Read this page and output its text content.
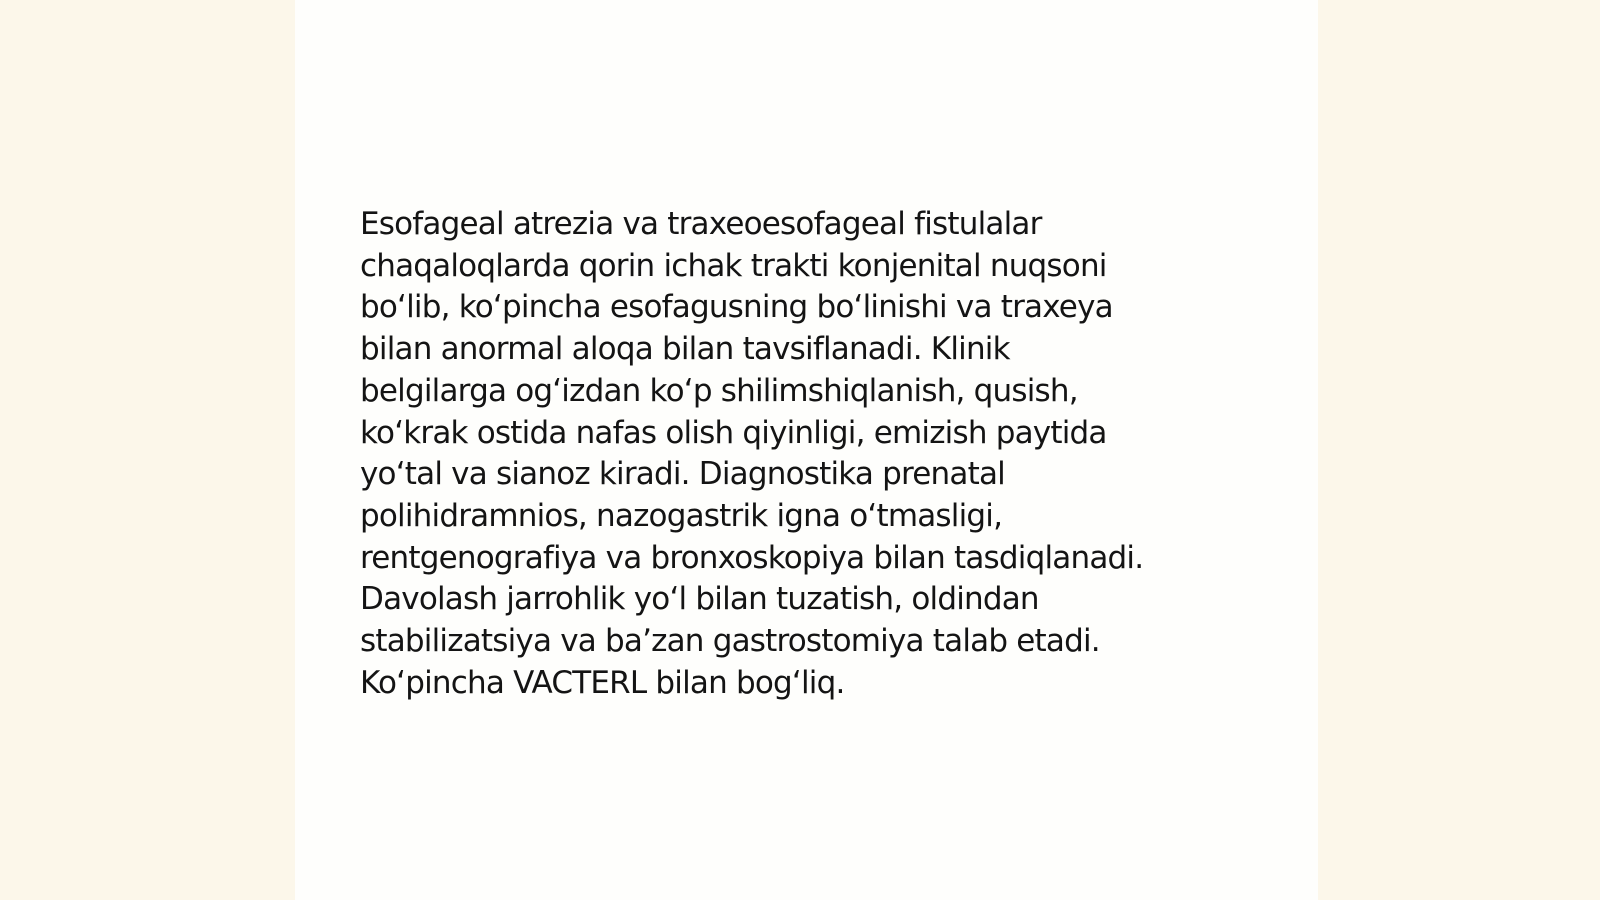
Esofageal atrezia va traxeoesofageal fistulalar
chaqaloqlarda qorin ichak trakti konjenital nuqsoni
boʻlib, koʻpincha esofagusning boʻlinishi va traxeya
bilan anormal aloqa bilan tavsiflanadi. Klinik
belgilarga ogʻizdan koʻp shilimshiqlanish, qusish,
koʻkrak ostida nafas olish qiyinligi, emizish paytida
yoʻtal va sianoz kiradi. Diagnostika prenatal
polihidramnios, nazogastrik igna oʻtmasligi,
rentgenografiya va bronxoskopiya bilan tasdiqlanadi.
Davolash jarrohlik yoʻl bilan tuzatish, oldindan
stabilizatsiya va baʼzan gastrostomiya talab etadi.
Koʻpincha VACTERL bilan bogʻliq.
